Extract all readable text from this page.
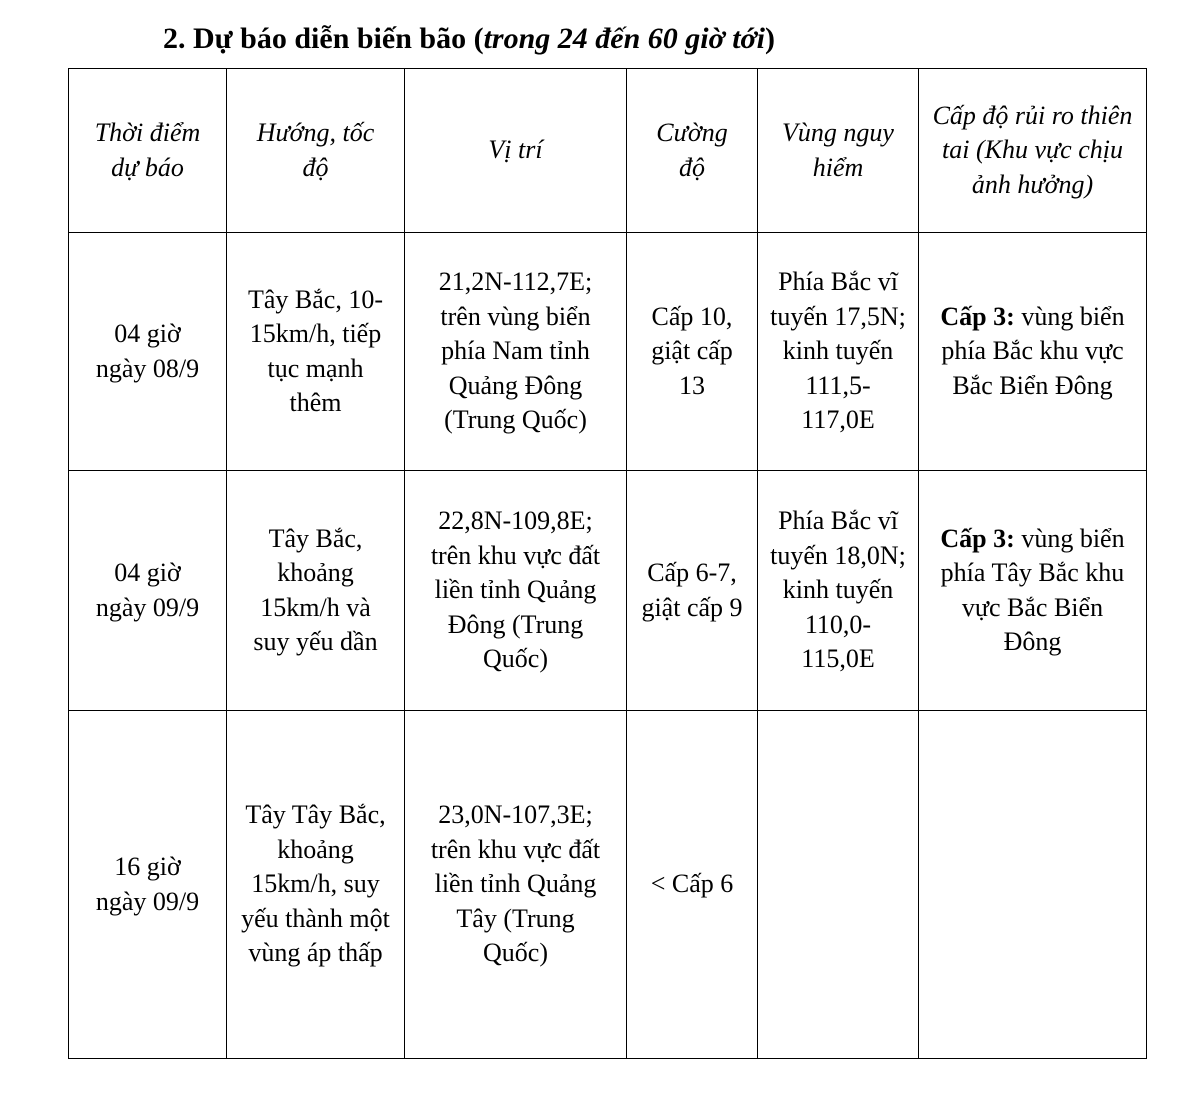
2. Dự báo diễn biến bão (trong 24 đến 60 giờ tới)
Thời điểm dự báo	Hướng, tốc độ	Vị trí	Cường độ	Vùng nguy hiểm	Cấp độ rủi ro thiên tai (Khu vực chịu ảnh hưởng)

04 giờ ngày 08/9	Tây Bắc, 10-15km/h, tiếp tục mạnh thêm	21,2N-112,7E; trên vùng biển phía Nam tỉnh Quảng Đông (Trung Quốc)	Cấp 10, giật cấp 13	Phía Bắc vĩ tuyến 17,5N; kinh tuyến 111,5-117,0E	Cấp 3: vùng biển phía Bắc khu vực Bắc Biển Đông

04 giờ ngày 09/9	Tây Bắc, khoảng 15km/h và suy yếu dần	22,8N-109,8E; trên khu vực đất liền tỉnh Quảng Đông (Trung Quốc)	Cấp 6-7, giật cấp 9	Phía Bắc vĩ tuyến 18,0N; kinh tuyến 110,0-115,0E	Cấp 3: vùng biển phía Tây Bắc khu vực Bắc Biển Đông

16 giờ ngày 09/9	Tây Tây Bắc, khoảng 15km/h, suy yếu thành một vùng áp thấp	23,0N-107,3E; trên khu vực đất liền tỉnh Quảng Tây (Trung Quốc)	< Cấp 6		
